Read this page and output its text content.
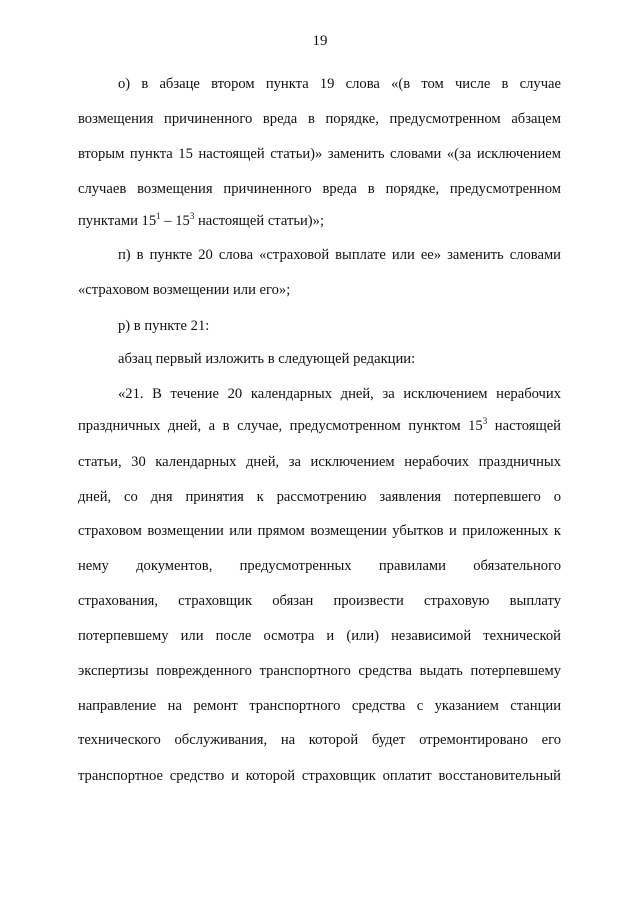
19
о) в абзаце втором пункта 19 слова «(в том числе в случае
возмещения причиненного вреда в порядке, предусмотренном абзацем
вторым пункта 15 настоящей статьи)» заменить словами «(за исключением
случаев возмещения причиненного вреда в порядке, предусмотренном
пунктами $15^1 - 15^3$ настоящей статьи)»;
п) в пункте 20 слова «страховой выплате или ее» заменить словами
«страховом возмещении или его»;
р) в пункте 21:
абзац первый изложить в следующей редакции:
«21. В течение 20 календарных дней, за исключением нерабочих
праздничных дней, а в случае, предусмотренном пунктом $15^3$ настоящей
статьи, 30 календарных дней, за исключением нерабочих праздничных
дней, со дня принятия к рассмотрению заявления потерпевшего о
страховом возмещении или прямом возмещении убытков и приложенных к
нему документов, предусмотренных правилами обязательного
страхования, страховщик обязан произвести страховую выплату
потерпевшему или после осмотра и (или) независимой технической
экспертизы поврежденного транспортного средства выдать потерпевшему
направление на ремонт транспортного средства с указанием станции
технического обслуживания, на которой будет отремонтировано его
транспортное средство и которой страховщик оплатит восстановительный
